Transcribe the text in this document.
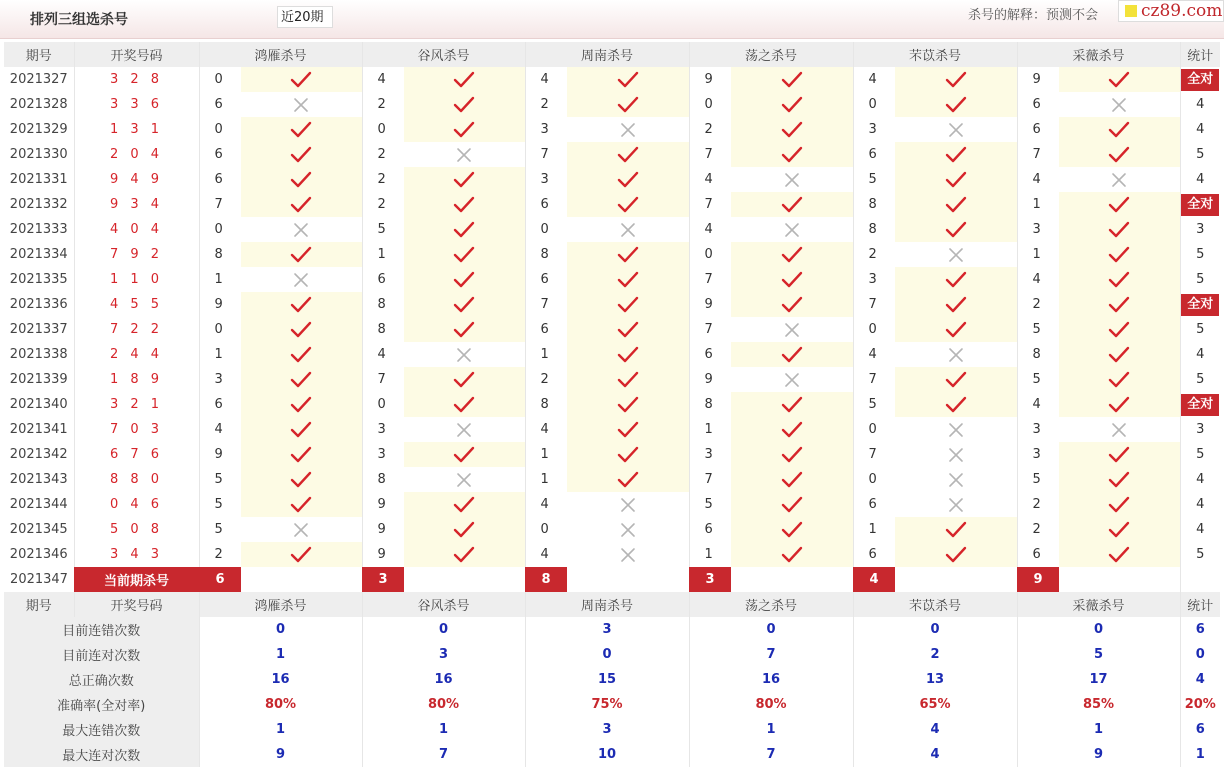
排列三组选杀号	近20期	杀号的解释：预测不会	cz89.com
期号	开奖号码	鸿雁杀号		谷风杀号		周南杀号		荡之杀号		芣苡杀号		采薇杀号		统计
2021327	3 2 8	0		4		4		9		4		9		全对
2021328	3 3 6	6		2		2		0		0		6		4
2021329	1 3 1	0		0		3		2		3		6		4
2021330	2 0 4	6		2		7		7		6		7		5
2021331	9 4 9	6		2		3		4		5		4		4
2021332	9 3 4	7		2		6		7		8		1		全对
2021333	4 0 4	0		5		0		4		8		3		3
2021334	7 9 2	8		1		8		0		2		1		5
2021335	1 1 0	1		6		6		7		3		4		5
2021336	4 5 5	9		8		7		9		7		2		全对
2021337	7 2 2	0		8		6		7		0		5		5
2021338	2 4 4	1		4		1		6		4		8		4
2021339	1 8 9	3		7		2		9		7		5		5
2021340	3 2 1	6		0		8		8		5		4		全对
2021341	7 0 3	4		3		4		1		0		3		3
2021342	6 7 6	9		3		1		3		7		3		5
2021343	8 8 0	5		8		1		7		0		5		4
2021344	0 4 6	5		9		4		5		6		2		4
2021345	5 0 8	5		9		0		6		1		2		4
2021346	3 4 3	2		9		4		1		6		6		5
2021347	当前期杀号	6		3		8		3		4		9		
期号	开奖号码	鸿雁杀号		谷风杀号		周南杀号		荡之杀号		芣苡杀号		采薇杀号		统计
目前连错次数		0		0		3		0		0		0		6
目前连对次数		1		3		0		7		2		5		0
总正确次数		16		16		15		16		13		17		4
准确率(全对率)		80%		80%		75%		80%		65%		85%		20%
最大连错次数		1		1		3		1		4		1		6
最大连对次数		9		7		10		7		4		9		1
